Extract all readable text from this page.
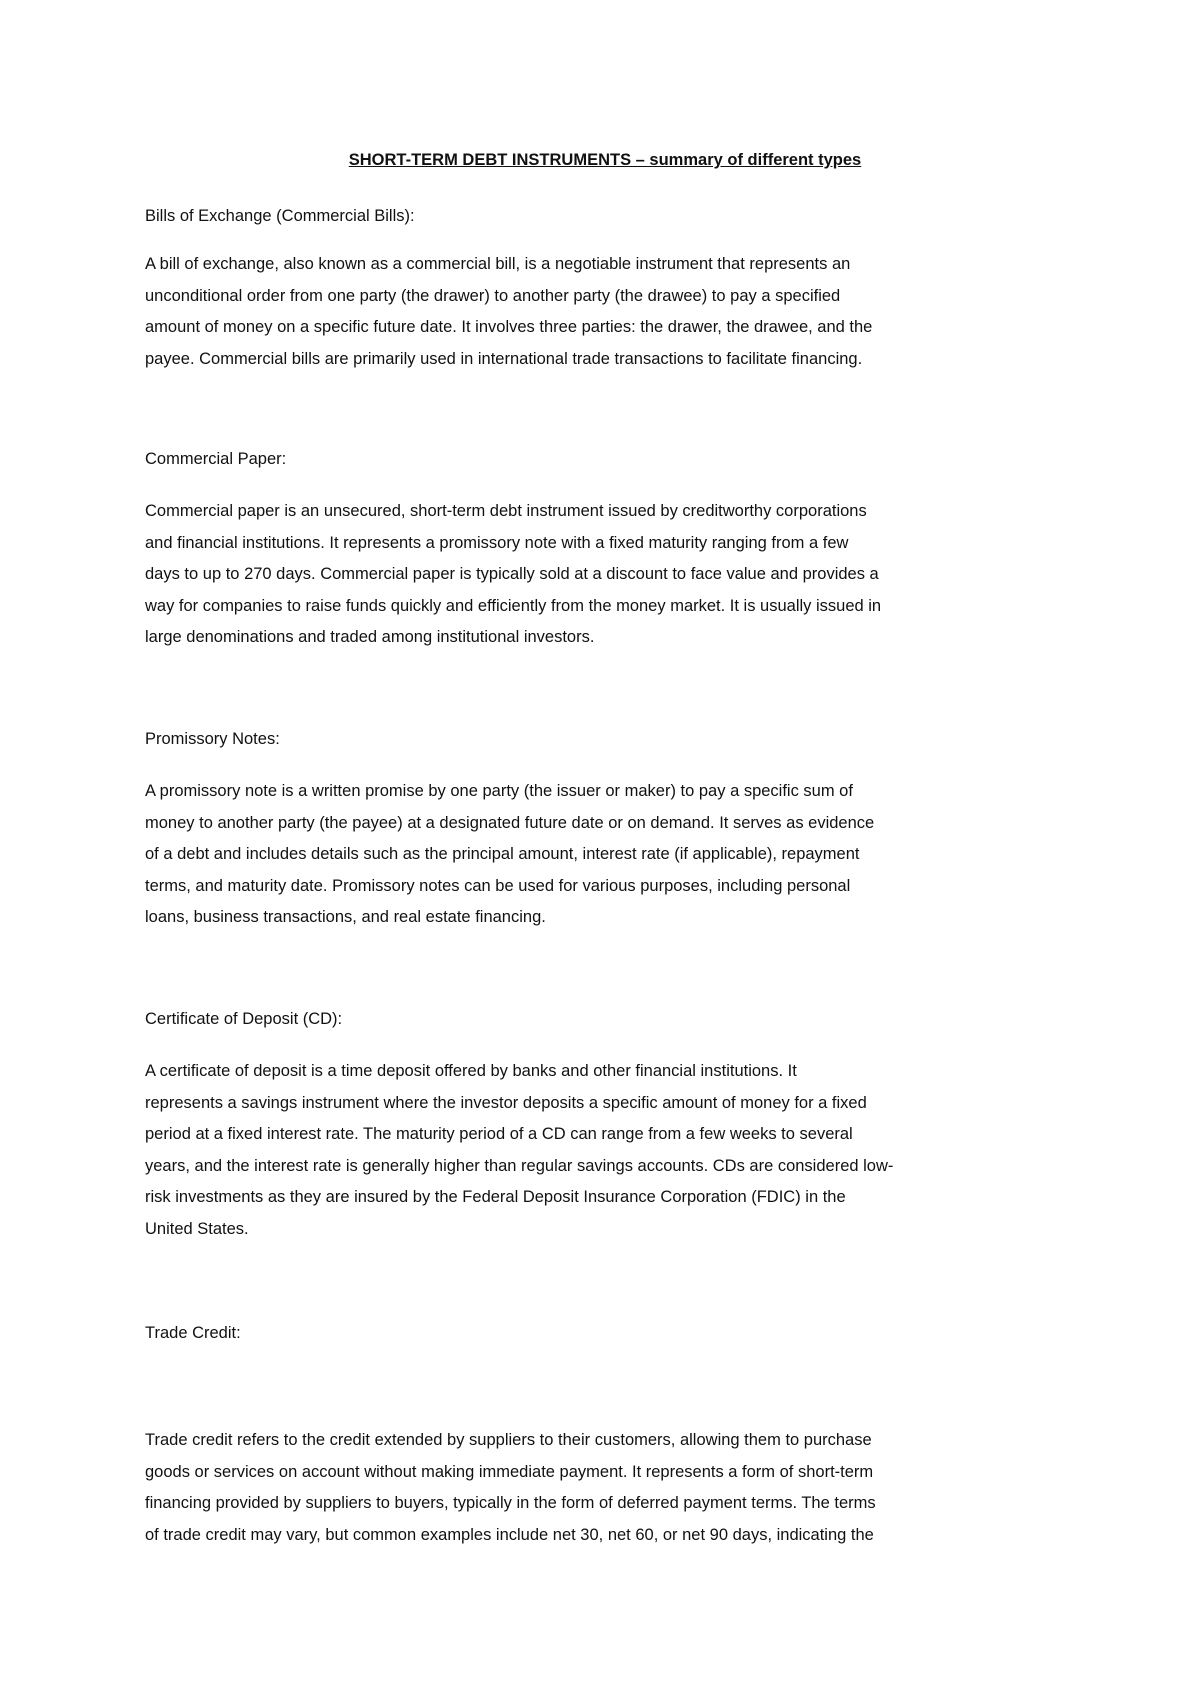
SHORT-TERM DEBT INSTRUMENTS – summary of different types
Bills of Exchange (Commercial Bills):
A bill of exchange, also known as a commercial bill, is a negotiable instrument that represents an
unconditional order from one party (the drawer) to another party (the drawee) to pay a specified
amount of money on a specific future date. It involves three parties: the drawer, the drawee, and the
payee. Commercial bills are primarily used in international trade transactions to facilitate financing.
Commercial Paper:
Commercial paper is an unsecured, short-term debt instrument issued by creditworthy corporations
and financial institutions. It represents a promissory note with a fixed maturity ranging from a few
days to up to 270 days. Commercial paper is typically sold at a discount to face value and provides a
way for companies to raise funds quickly and efficiently from the money market. It is usually issued in
large denominations and traded among institutional investors.
Promissory Notes:
A promissory note is a written promise by one party (the issuer or maker) to pay a specific sum of
money to another party (the payee) at a designated future date or on demand. It serves as evidence
of a debt and includes details such as the principal amount, interest rate (if applicable), repayment
terms, and maturity date. Promissory notes can be used for various purposes, including personal
loans, business transactions, and real estate financing.
Certificate of Deposit (CD):
A certificate of deposit is a time deposit offered by banks and other financial institutions. It
represents a savings instrument where the investor deposits a specific amount of money for a fixed
period at a fixed interest rate. The maturity period of a CD can range from a few weeks to several
years, and the interest rate is generally higher than regular savings accounts. CDs are considered low-
risk investments as they are insured by the Federal Deposit Insurance Corporation (FDIC) in the
United States.
Trade Credit:
Trade credit refers to the credit extended by suppliers to their customers, allowing them to purchase
goods or services on account without making immediate payment. It represents a form of short-term
financing provided by suppliers to buyers, typically in the form of deferred payment terms. The terms
of trade credit may vary, but common examples include net 30, net 60, or net 90 days, indicating the
